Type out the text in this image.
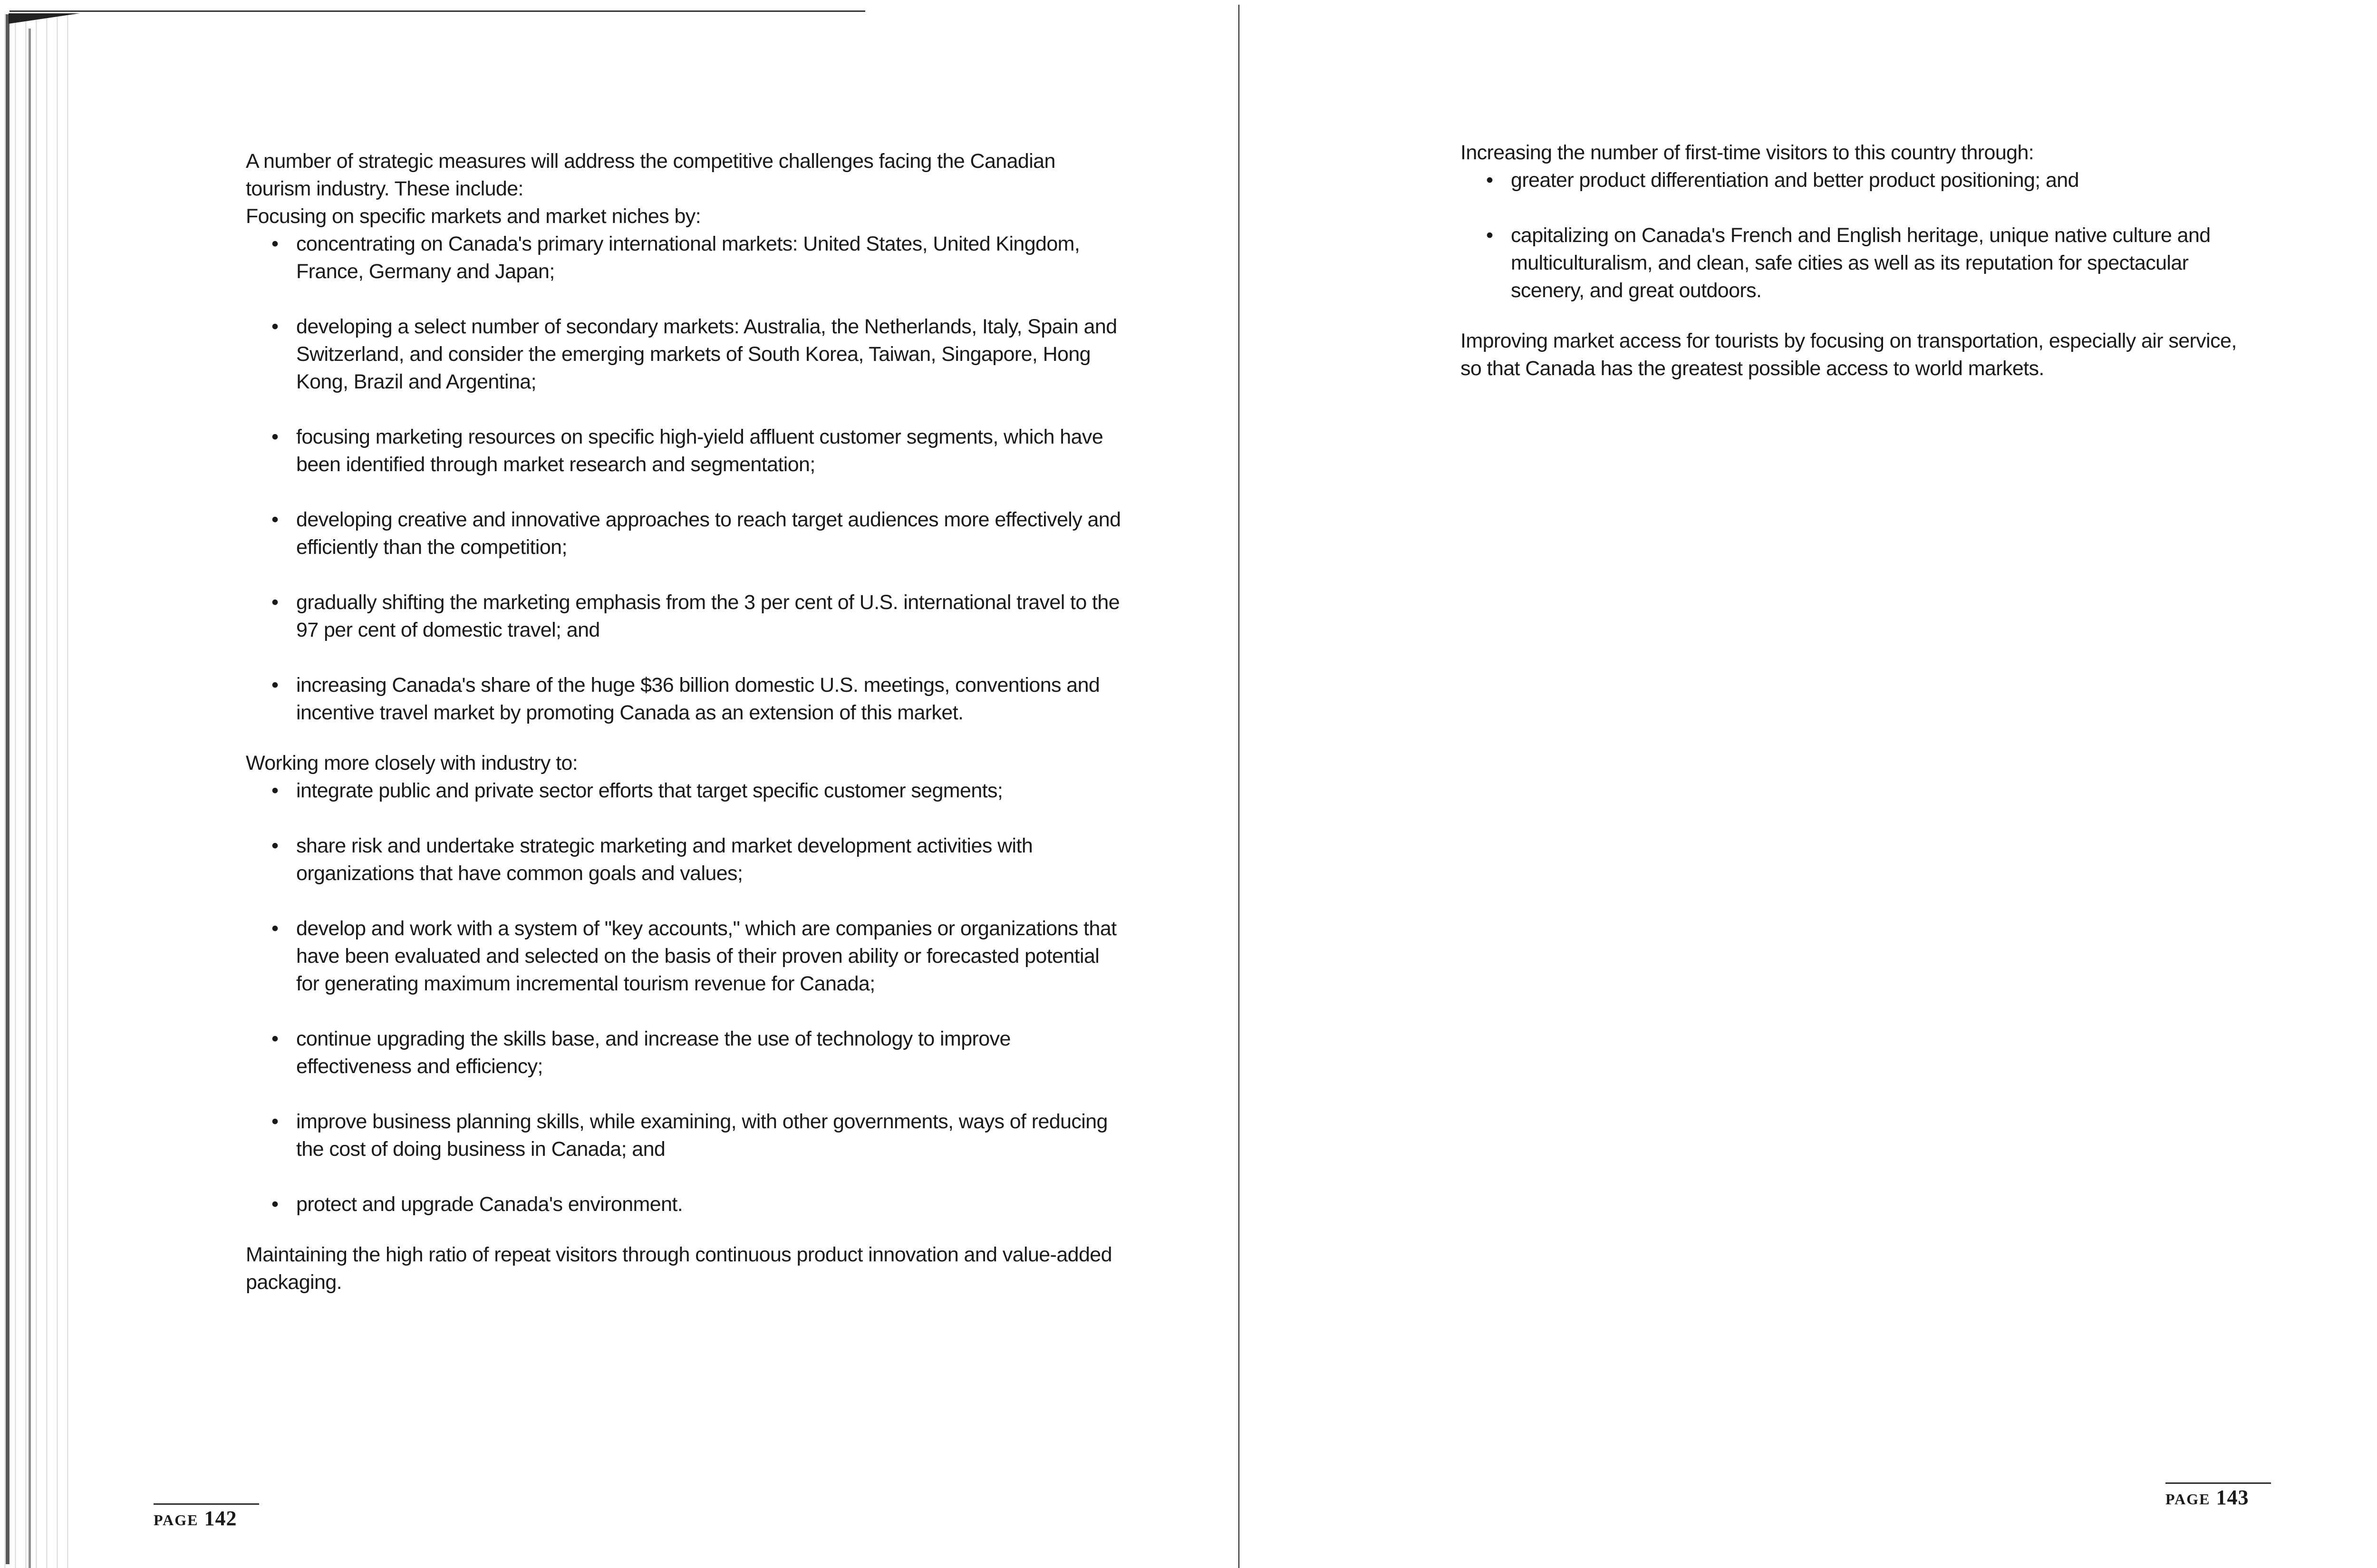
A number of strategic measures will address the competitive challenges facing the Canadian tourism industry. These include:

Focusing on specific markets and market niches by:

• concentrating on Canada's primary international markets: United States, United Kingdom, France, Germany and Japan;
• developing a select number of secondary markets: Australia, the Netherlands, Italy, Spain and Switzerland, and consider the emerging markets of South Korea, Taiwan, Singapore, Hong Kong, Brazil and Argentina;
• focusing marketing resources on specific high-yield affluent customer segments, which have been identified through market research and segmentation;
• developing creative and innovative approaches to reach target audiences more effectively and efficiently than the competition;
• gradually shifting the marketing emphasis from the 3 per cent of U.S. international travel to the 97 per cent of domestic travel; and
• increasing Canada's share of the huge $36 billion domestic U.S. meetings, conventions and incentive travel market by promoting Canada as an extension of this market.

Working more closely with industry to:

• integrate public and private sector efforts that target specific customer segments;
• share risk and undertake strategic marketing and market development activities with organizations that have common goals and values;
• develop and work with a system of "key accounts," which are companies or organizations that have been evaluated and selected on the basis of their proven ability or forecasted potential for generating maximum incremental tourism revenue for Canada;
• continue upgrading the skills base, and increase the use of technology to improve effectiveness and efficiency;
• improve business planning skills, while examining, with other governments, ways of reducing the cost of doing business in Canada; and
• protect and upgrade Canada's environment.

Maintaining the high ratio of repeat visitors through continuous product innovation and value-added packaging.

PAGE 142

Increasing the number of first-time visitors to this country through:

• greater product differentiation and better product positioning; and
• capitalizing on Canada's French and English heritage, unique native culture and multiculturalism, and clean, safe cities as well as its reputation for spectacular scenery, and great outdoors.

Improving market access for tourists by focusing on transportation, especially air service, so that Canada has the greatest possible access to world markets.

PAGE 143
